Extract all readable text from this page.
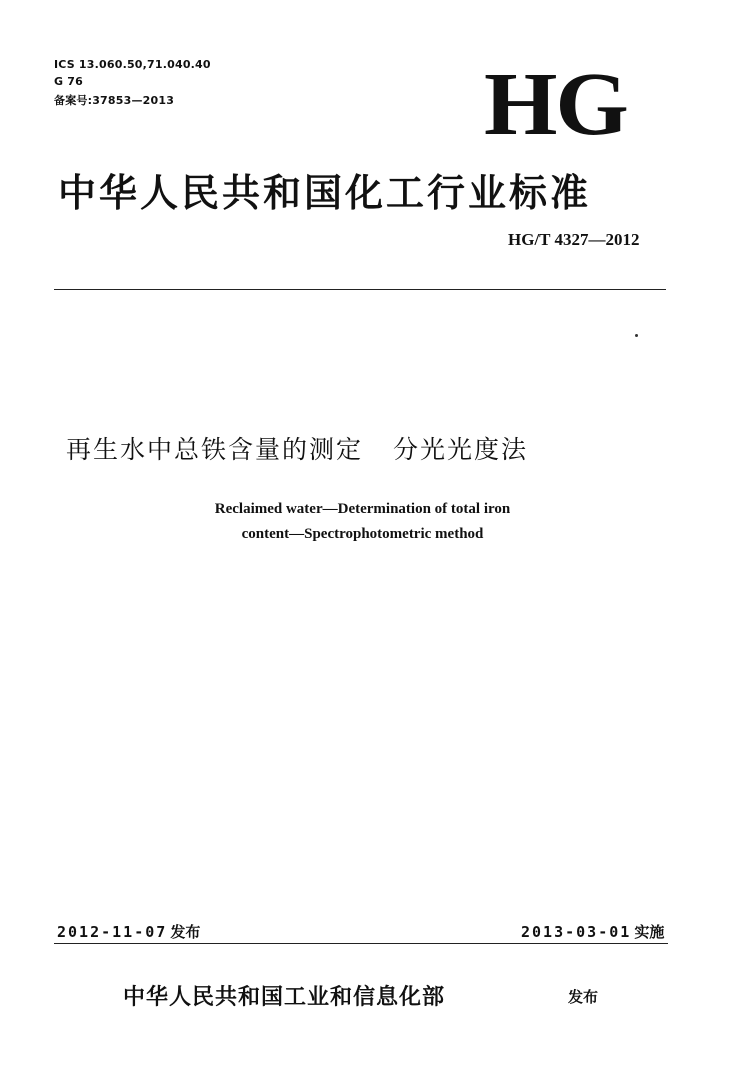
ICS 13.060.50,71.040.40
G 76
备案号:37853—2013	HG
中华人民共和国化工行业标准
HG/T 4327—2012
再生水中总铁含量的测定 分光光度法
Reclaimed water—Determination of total iron
content—Spectrophotometric method
2012-11-07 发布	2013-03-01 实施
中华人民共和国工业和信息化部	发布
